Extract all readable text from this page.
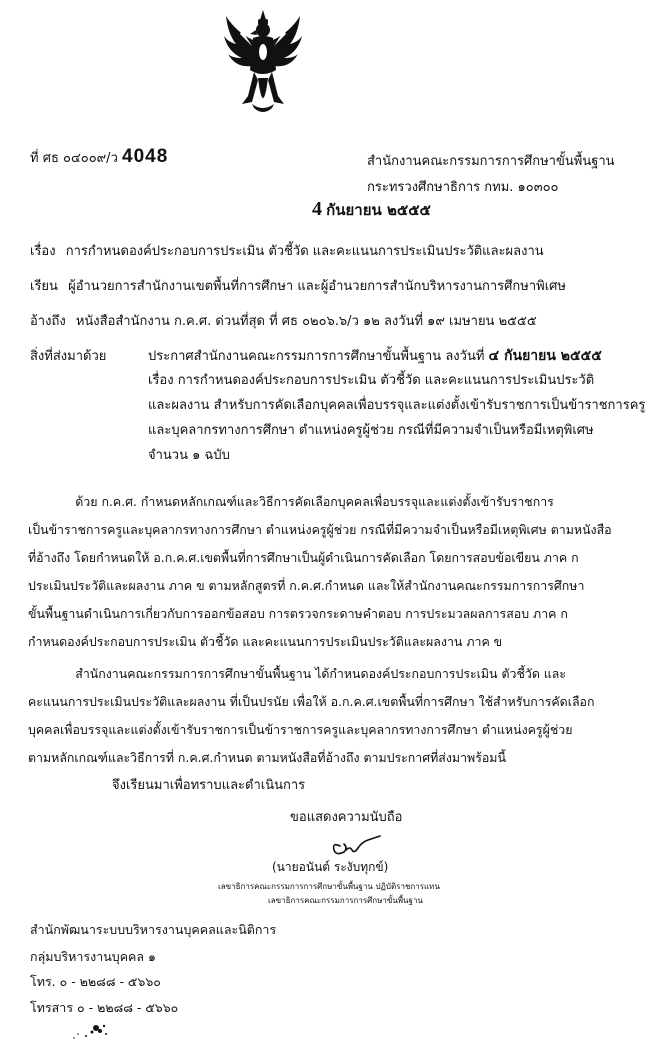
ที่ ศธ ๐๔๐๐๙/ว 4048	สำนักงานคณะกรรมการการศึกษาขั้นพื้นฐาน
กระทรวงศึกษาธิการ กทม. ๑๐๓๐๐
4 กันยายน ๒๕๕๕
เรื่อง การกำหนดองค์ประกอบการประเมิน ตัวชี้วัด และคะแนนการประเมินประวัติและผลงาน
เรียน ผู้อำนวยการสำนักงานเขตพื้นที่การศึกษา และผู้อำนวยการสำนักบริหารงานการศึกษาพิเศษ
อ้างถึง หนังสือสำนักงาน ก.ค.ศ. ด่วนที่สุด ที่ ศธ ๐๒๐๖.๖/ว ๑๒ ลงวันที่ ๑๙ เมษายน ๒๕๕๕
สิ่งที่ส่งมาด้วย	ประกาศสำนักงานคณะกรรมการการศึกษาขั้นพื้นฐาน ลงวันที่ ๔ กันยายน ๒๕๕๕
เรื่อง การกำหนดองค์ประกอบการประเมิน ตัวชี้วัด และคะแนนการประเมินประวัติ
และผลงาน สำหรับการคัดเลือกบุคคลเพื่อบรรจุและแต่งตั้งเข้ารับราชการเป็นข้าราชการครู
และบุคลากรทางการศึกษา ตำแหน่งครูผู้ช่วย กรณีที่มีความจำเป็นหรือมีเหตุพิเศษ
จำนวน ๑ ฉบับ
ด้วย ก.ค.ศ. กำหนดหลักเกณฑ์และวิธีการคัดเลือกบุคคลเพื่อบรรจุและแต่งตั้งเข้ารับราชการ
เป็นข้าราชการครูและบุคลากรทางการศึกษา ตำแหน่งครูผู้ช่วย กรณีที่มีความจำเป็นหรือมีเหตุพิเศษ ตามหนังสือ
ที่อ้างถึง โดยกำหนดให้ อ.ก.ค.ศ.เขตพื้นที่การศึกษาเป็นผู้ดำเนินการคัดเลือก โดยการสอบข้อเขียน ภาค ก
ประเมินประวัติและผลงาน ภาค ข ตามหลักสูตรที่ ก.ค.ศ.กำหนด และให้สำนักงานคณะกรรมการการศึกษา
ขั้นพื้นฐานดำเนินการเกี่ยวกับการออกข้อสอบ การตรวจกระดาษคำตอบ การประมวลผลการสอบ ภาค ก
กำหนดองค์ประกอบการประเมิน ตัวชี้วัด และคะแนนการประเมินประวัติและผลงาน ภาค ข
สำนักงานคณะกรรมการการศึกษาขั้นพื้นฐาน ได้กำหนดองค์ประกอบการประเมิน ตัวชี้วัด และ
คะแนนการประเมินประวัติและผลงาน ที่เป็นปรนัย เพื่อให้ อ.ก.ค.ศ.เขตพื้นที่การศึกษา ใช้สำหรับการคัดเลือก
บุคคลเพื่อบรรจุและแต่งตั้งเข้ารับราชการเป็นข้าราชการครูและบุคลากรทางการศึกษา ตำแหน่งครูผู้ช่วย
ตามหลักเกณฑ์และวิธีการที่ ก.ค.ศ.กำหนด ตามหนังสือที่อ้างถึง ตามประกาศที่ส่งมาพร้อมนี้
จึงเรียนมาเพื่อทราบและดำเนินการ
ขอแสดงความนับถือ
(นายอนันต์ ระงับทุกข์)
เลขาธิการคณะกรรมการการศึกษาขั้นพื้นฐาน ปฏิบัติราชการแทน
เลขาธิการคณะกรรมการการศึกษาขั้นพื้นฐาน
สำนักพัฒนาระบบบริหารงานบุคคลและนิติการ
กลุ่มบริหารงานบุคคล ๑
โทร. ๐ - ๒๒๘๘ - ๕๖๖๐
โทรสาร ๐ - ๒๒๘๘ - ๕๖๖๐
